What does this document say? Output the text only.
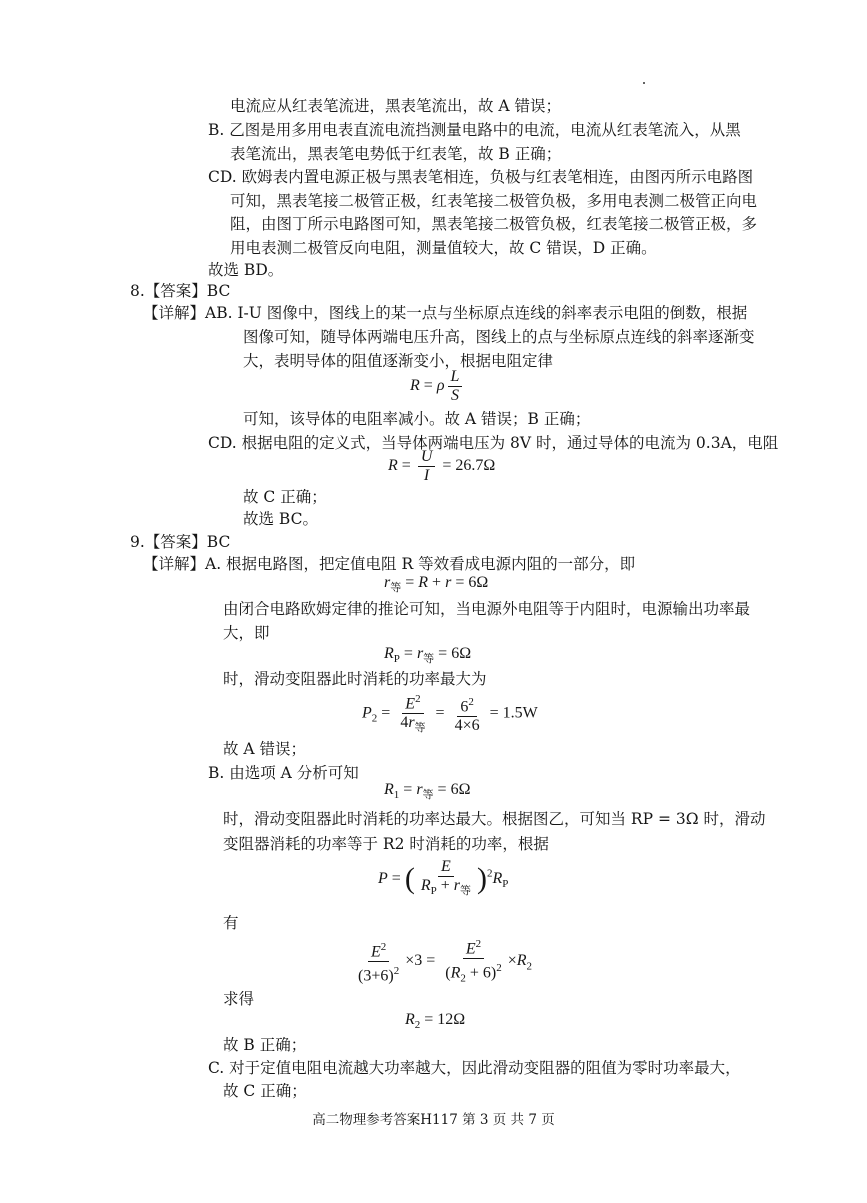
电流应从红表笔流进，黑表笔流出，故 A 错误；
B. 乙图是用多用电表直流电流挡测量电路中的电流，电流从红表笔流入，从黑
表笔流出，黑表笔电势低于红表笔，故 B 正确；
CD. 欧姆表内置电源正极与黑表笔相连，负极与红表笔相连，由图丙所示电路图
可知，黑表笔接二极管正极，红表笔接二极管负极，多用电表测二极管正向电
阻，由图丁所示电路图可知，黑表笔接二极管负极，红表笔接二极管正极，多
用电表测二极管反向电阻，测量值较大，故 C 错误，D 正确。
故选 BD。
8.【答案】BC
【详解】AB. I-U 图像中，图线上的某一点与坐标原点连线的斜率表示电阻的倒数，根据
图像可知，随导体两端电压升高，图线上的点与坐标原点连线的斜率逐渐变
大，表明导体的阻值逐渐变小，根据电阻定律
R = ρ $\frac{L}{S}$
可知，该导体的电阻率减小。故 A 错误；B 正确；
CD. 根据电阻的定义式，当导体两端电压为 8V 时，通过导体的电流为 0.3A，电阻
$R = \frac{U}{I} = 26.7\Omega$
故 C 正确；
故选 BC。
9.【答案】BC
【详解】A. 根据电路图，把定值电阻 R 等效看成电源内阻的一部分，即
$r_等 = R + r = 6\Omega$
由闭合电路欧姆定律的推论可知，当电源外电阻等于内阻时，电源输出功率最
大，即
$R_P = r_等 = 6\Omega$
时，滑动变阻器此时消耗的功率最大为
$P_2 = \frac{E^2}{4r_等} = \frac{6^2}{4\times 6} = 1.5W$
故 A 错误；
B. 由选项 A 分析可知
$R_1 = r_等 = 6\Omega$
时，滑动变阻器此时消耗的功率达最大。根据图乙，可知当 RP = 3Ω 时，滑动
变阻器消耗的功率等于 R2 时消耗的功率，根据
P = ( $\frac{E}{R_P + r_等} )^2R_P$
有
$\frac{E^2}{(3+6)^2} \times 3 = \frac{E^2}{(R_2 + 6)^2} \times R_2$
求得
$R_2 = 12\Omega$
故 B 正确；
C. 对于定值电阻电流越大功率越大，因此滑动变阻器的阻值为零时功率最大，
故 C 正确；
高二物理参考答案H117 第 3 页 共 7 页
